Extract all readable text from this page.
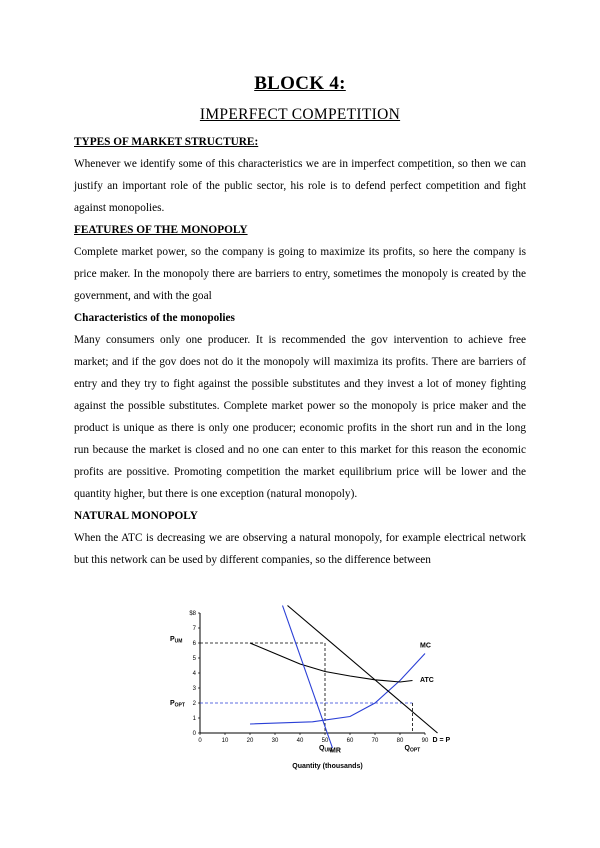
BLOCK 4:
IMPERFECT COMPETITION
TYPES OF MARKET STRUCTURE:

Whenever we identify some of this characteristics we are in imperfect competition, so then we can justify an important role of the public sector, his role is to defend perfect competition and fight against monopolies.

FEATURES OF THE MONOPOLY

Complete market power, so the company is going to maximize its profits, so here the company is price maker. In the monopoly there are barriers to entry, sometimes the monopoly is created by the government, and with the goal

Characteristics of the monopolies

Many consumers only one producer. It is recommended the gov intervention to achieve free market; and if the gov does not do it the monopoly will maximiza its profits. There are barriers of entry and they try to fight against the possible substitutes and they invest a lot of money fighting against the possible substitutes. Complete market power so the monopoly is price maker and the product is unique as there is only one producer; economic profits in the short run and in the long run because the market is closed and no one can enter to this market for this reason the economic profits are possitive. Promoting competition the market equilibrium price will be lower and the quantity higher, but there is one exception (natural monopoly).

NATURAL MONOPOLY

When the ATC is decreasing we are observing a natural monopoly, for example electrical network but this network can be used by different companies, so the difference between

0	10	20	30	40	50	60	70	80	90
0
1
2
3
4
5
6
7
$8
$P_{UM}$
$P_{OPT}$
$Q_{UM}$	$Q_{OPT}$
MC
ATC
D = P
MR
Quantity (thousands)
